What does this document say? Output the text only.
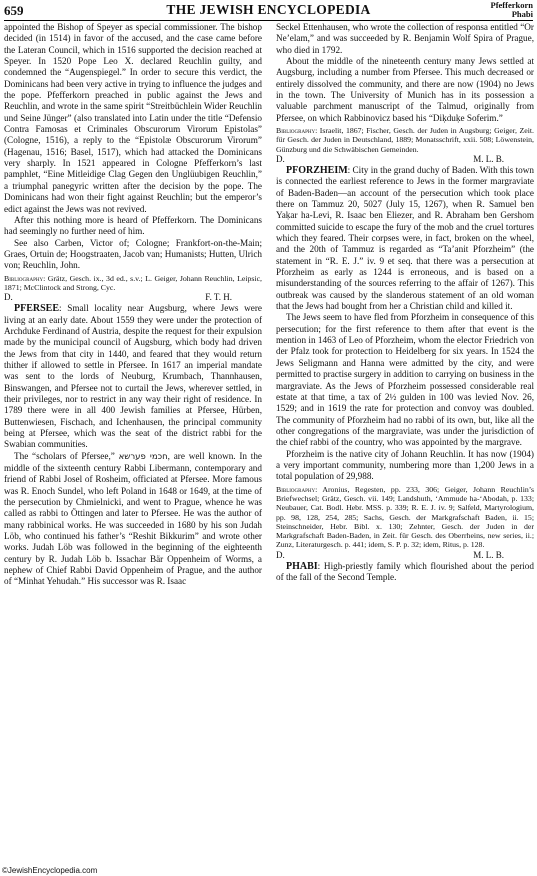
659	THE JEWISH ENCYCLOPEDIA	Pfefferkorn
Phabi

appointed the Bishop of Speyer as special commissioner. The bishop decided (in 1514) in favor of the accused, and the case came before the Lateran Council, which in 1516 supported the decision reached at Speyer. In 1520 Pope Leo X. declared Reuchlin guilty, and condemned the “Augenspiegel.” In order to secure this verdict, the Dominicans had been very active in trying to influence the judges and the pope. Pfefferkorn preached in public against the Jews and Reuchlin, and wrote in the same spirit “Streitbüchlein Wider Reuchlin und Seine Jünger” (also translated into Latin under the title “Defensio Contra Famosas et Criminales Obscurorum Virorum Epistolas” (Cologne, 1516), a reply to the “Epistolæ Obscurorum Virorum” (Hagenau, 1516; Basel, 1517), which had attacked the Dominicans very sharply. In 1521 appeared in Cologne Pfefferkorn’s last pamphlet, “Eine Mitleidige Clag Gegen den Unglüubigen Reuchlin,” a triumphal panegyric written after the decision by the pope. The Dominicans had won their fight against Reuchlin; but the emperor’s edict against the Jews was not revived.

After this nothing more is heard of Pfefferkorn. The Dominicans had seemingly no further need of him.

See also Carben, Victor of; Cologne; Frankfort-on-the-Main; Graes, Ortuin de; Hoogstraaten, Jacob van; Humanists; Hutten, Ulrich von; Reuchlin, John.

Bibliography: Grätz, Gesch. ix., 3d ed., s.v.; L. Geiger, Johann Reuchlin, Leipsic, 1871; McClintock and Strong, Cyc.

D.	F. T. H.

PFERSEE: Small locality near Augsburg, where Jews were living at an early date. About 1559 they were under the protection of Archduke Ferdinand of Austria, despite the request for their expulsion made by the municipal council of Augsburg, which body had driven the Jews from that city in 1440, and feared that they would return thither if allowed to settle in Pfersee. In 1617 an imperial mandate was sent to the lords of Neuburg, Krumbach, Thannhausen, Binswangen, and Pfersee not to curtail the Jews, wherever settled, in their privileges, nor to restrict in any way their right of residence. In 1789 there were in all 400 Jewish families at Pfersee, Hürben, Buttenwiesen, Fischach, and Ichenhausen, the principal community being at Pfersee, which was the seat of the district rabbi for the Swabian communities.

The “scholars of Pfersee,” חכמי פערשא, are well known. In the middle of the sixteenth century Rabbi Libermann, contemporary and friend of Rabbi Josel of Rosheim, officiated at Pfersee. More famous was R. Enoch Sundel, who left Poland in 1648 or 1649, at the time of the persecution by Chmielnicki, and went to Prague, whence he was called as rabbi to Öttingen and later to Pfersee. He was the author of many rabbinical works. He was succeeded in 1680 by his son Judah Löb, who continued his father’s “Reshit Bikkurim” and wrote other works. Judah Löb was followed in the beginning of the eighteenth century by R. Judah Löb b. Issachar Bär Oppenheim of Worms, a nephew of Chief Rabbi David Oppenheim of Prague, and the author of “Minhat Yehudah.” His successor was R. Isaac

Seckel Ettenhausen, who wrote the collection of responsa entitled “Or Ne’elam,” and was succeeded by R. Benjamin Wolf Spira of Prague, who died in 1792.

About the middle of the nineteenth century many Jews settled at Augsburg, including a number from Pfersee. This much decreased or entirely dissolved the community, and there are now (1904) no Jews in the town. The University of Munich has in its possession a valuable parchment manuscript of the Talmud, originally from Pfersee, on which Rabbinovicz based his “Diḳduḳe Soferim.”

Bibliography: Israelit, 1867; Fischer, Gesch. der Juden in Augsburg; Geiger, Zeit. für Gesch. der Juden in Deutschland, 1889; Monatsschrift, xxii. 508; Löwenstein, Günzburg und die Schwäbischen Gemeinden.

D.	M. L. B.

PFORZHEIM: City in the grand duchy of Baden. With this town is connected the earliest reference to Jews in the former margraviate of Baden-Baden—an account of the persecution which took place there on Tammuz 20, 5027 (July 15, 1267), when R. Samuel ben Yaḳar ha-Levi, R. Isaac ben Eliezer, and R. Abraham ben Gershom committed suicide to escape the fury of the mob and the cruel tortures which they feared. Their corpses were, in fact, broken on the wheel, and the 20th of Tammuz is regarded as “Ta’anit Pforzheim” (the statement in “R. E. J.” iv. 9 et seq. that there was a persecution at Pforzheim as early as 1244 is erroneous, and is based on a misunderstanding of the sources referring to the affair of 1267). This outbreak was caused by the slanderous statement of an old woman that the Jews had bought from her a Christian child and killed it.

The Jews seem to have fled from Pforzheim in consequence of this persecution; for the first reference to them after that event is the mention in 1463 of Leo of Pforzheim, whom the elector Friedrich von der Pfalz took for protection to Heidelberg for six years. In 1524 the Jews Seligmann and Hanna were admitted by the city, and were permitted to practise surgery in addition to carrying on business in the margraviate. As the Jews of Pforzheim possessed considerable real estate at that time, a tax of 2½ gulden in 100 was levied Nov. 26, 1529; and in 1619 the rate for protection and convoy was doubled. The community of Pforzheim had no rabbi of its own, but, like all the other congregations of the margraviate, was under the jurisdiction of the chief rabbi of the country, who was appointed by the margrave.

Pforzheim is the native city of Johann Reuchlin. It has now (1904) a very important community, numbering more than 1,200 Jews in a total population of 29,988.

Bibliography: Aronius, Regesten, pp. 233, 306; Geiger, Johann Reuchlin’s Briefwechsel; Grätz, Gesch. vii. 149; Landshuth, ‘Ammude ha-‘Abodah, p. 133; Neubauer, Cat. Bodl. Hebr. MSS. p. 339; R. E. J. iv. 9; Salfeld, Martyrologium, pp. 98, 128, 254, 285; Sachs, Gesch. der Markgrafschaft Baden, ii. 15; Steinschneider, Hebr. Bibl. x. 130; Zehnter, Gesch. der Juden in der Markgrafschaft Baden-Baden, in Zeit. für Gesch. des Oberrheins, new series, ii.; Zunz, Literaturgesch. p. 441; idem, S. P. p. 32; idem, Ritus, p. 128.

D.	M. L. B.

PHABI: High-priestly family which flourished about the period of the fall of the Second Temple.

©JewishEncyclopedia.com
